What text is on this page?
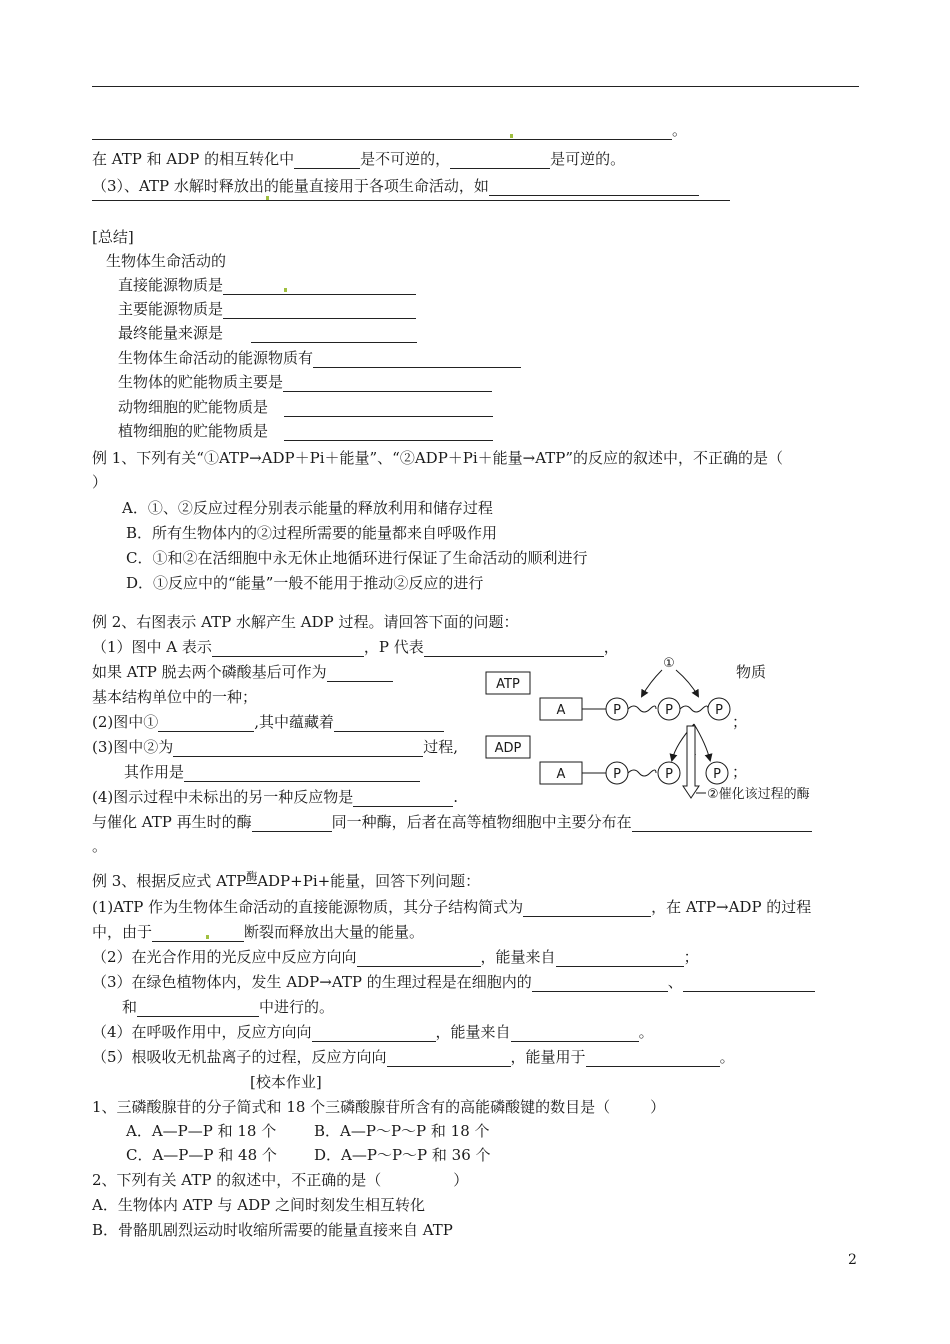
。
在 ATP 和 ADP 的相互转化中	是不可逆的，	是可逆的。
（3）、ATP 水解时释放出的能量直接用于各项生命活动，如
[总结]
生物体生命活动的
直接能源物质是
主要能源物质是
最终能量来源是
生物体生命活动的能源物质有
生物体的贮能物质主要是
动物细胞的贮能物质是
植物细胞的贮能物质是
例 1、下列有关“①ATP→ADP＋Pi＋能量”、“②ADP＋Pi＋能量→ATP”的反应的叙述中，不正确的是（
）
A．①、②反应过程分别表示能量的释放利用和储存过程
B．所有生物体内的②过程所需要的能量都来自呼吸作用
C．①和②在活细胞中永无休止地循环进行保证了生命活动的顺利进行
D．①反应中的“能量”一般不能用于推动②反应的进行
例 2、右图表示 ATP 水解产生 ADP 过程。请回答下面的问题：
（1）图中 A 表示	，P 代表	，
如果 ATP 脱去两个磷酸基后可作为	物质
基本结构单位中的一种；
(2)图中①	,其中蕴藏着	；
(3)图中②为	过程,
其作用是	；
(4)图示过程中未标出的另一种反应物是	.
与催化 ATP 再生时的酶	同一种酶，后者在高等植物细胞中主要分布在
。
ATP
①
A	P	P	P
ADP
A	P	P	P
②催化该过程的酶
例 3、根据反应式 $ATP^酶ADP+Pi+$能量，回答下列问题：
(1)ATP 作为生物体生命活动的直接能源物质，其分子结构简式为	，在 ATP→ADP 的过程
中，由于	断裂而释放出大量的能量。
（2）在光合作用的光反应中反应方向向	，能量来自	；
（3）在绿色植物体内，发生 ADP→ATP 的生理过程是在细胞内的	、
和	中进行的。
（4）在呼吸作用中，反应方向向	，能量来自	。
（5）根吸收无机盐离子的过程，反应方向向	，能量用于	。
[校本作业]
1、三磷酸腺苷的分子简式和 18 个三磷酸腺苷所含有的高能磷酸键的数目是（	）
A．A—P—P 和 18 个	B．A—P～P～P 和 18 个
C．A—P—P 和 48 个 D．A—P～P～P 和 36 个
2、下列有关 ATP 的叙述中，不正确的是（	）
A．生物体内 ATP 与 ADP 之间时刻发生相互转化
B．骨骼肌剧烈运动时收缩所需要的能量直接来自 ATP
2
